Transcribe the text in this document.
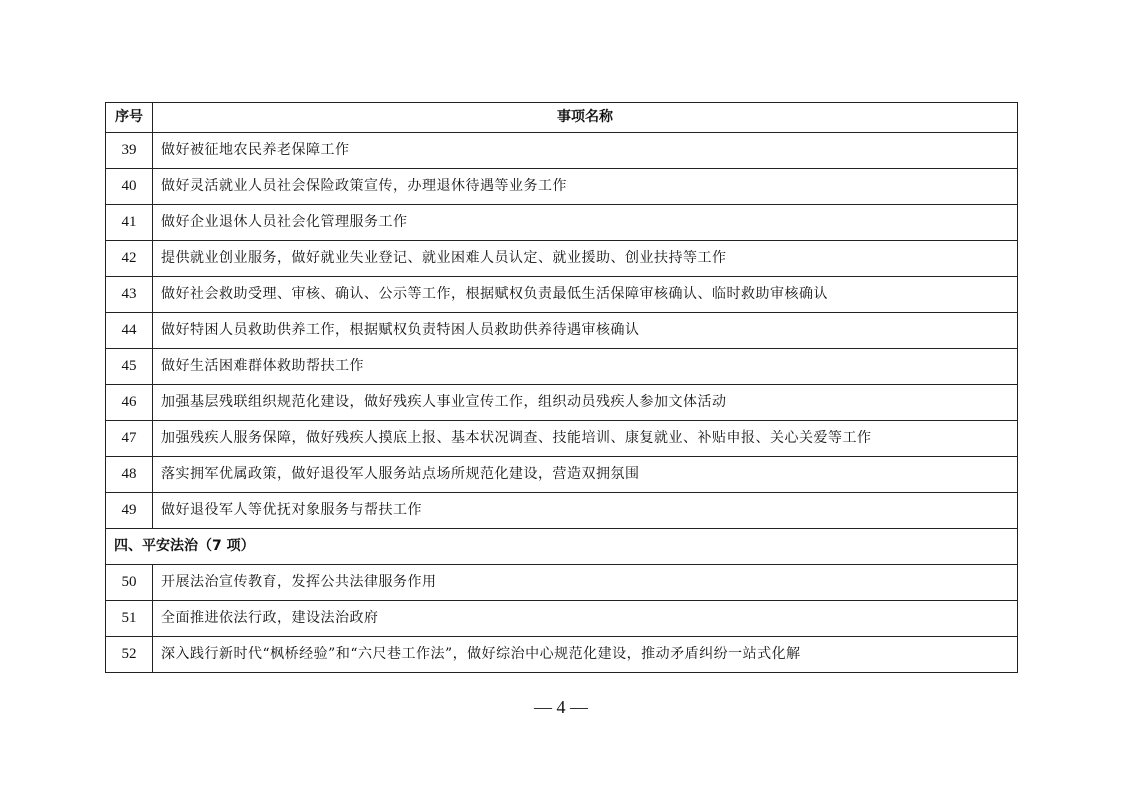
序号	事项名称
39	做好被征地农民养老保障工作
40	做好灵活就业人员社会保险政策宣传，办理退休待遇等业务工作
41	做好企业退休人员社会化管理服务工作
42	提供就业创业服务，做好就业失业登记、就业困难人员认定、就业援助、创业扶持等工作
43	做好社会救助受理、审核、确认、公示等工作，根据赋权负责最低生活保障审核确认、临时救助审核确认
44	做好特困人员救助供养工作，根据赋权负责特困人员救助供养待遇审核确认
45	做好生活困难群体救助帮扶工作
46	加强基层残联组织规范化建设，做好残疾人事业宣传工作，组织动员残疾人参加文体活动
47	加强残疾人服务保障，做好残疾人摸底上报、基本状况调查、技能培训、康复就业、补贴申报、关心关爱等工作
48	落实拥军优属政策，做好退役军人服务站点场所规范化建设，营造双拥氛围
49	做好退役军人等优抚对象服务与帮扶工作
四、平安法治（7 项）	
50	开展法治宣传教育，发挥公共法律服务作用
51	全面推进依法行政，建设法治政府
52	深入践行新时代“枫桥经验”和“六尺巷工作法”，做好综治中心规范化建设，推动矛盾纠纷一站式化解
— 4 —
